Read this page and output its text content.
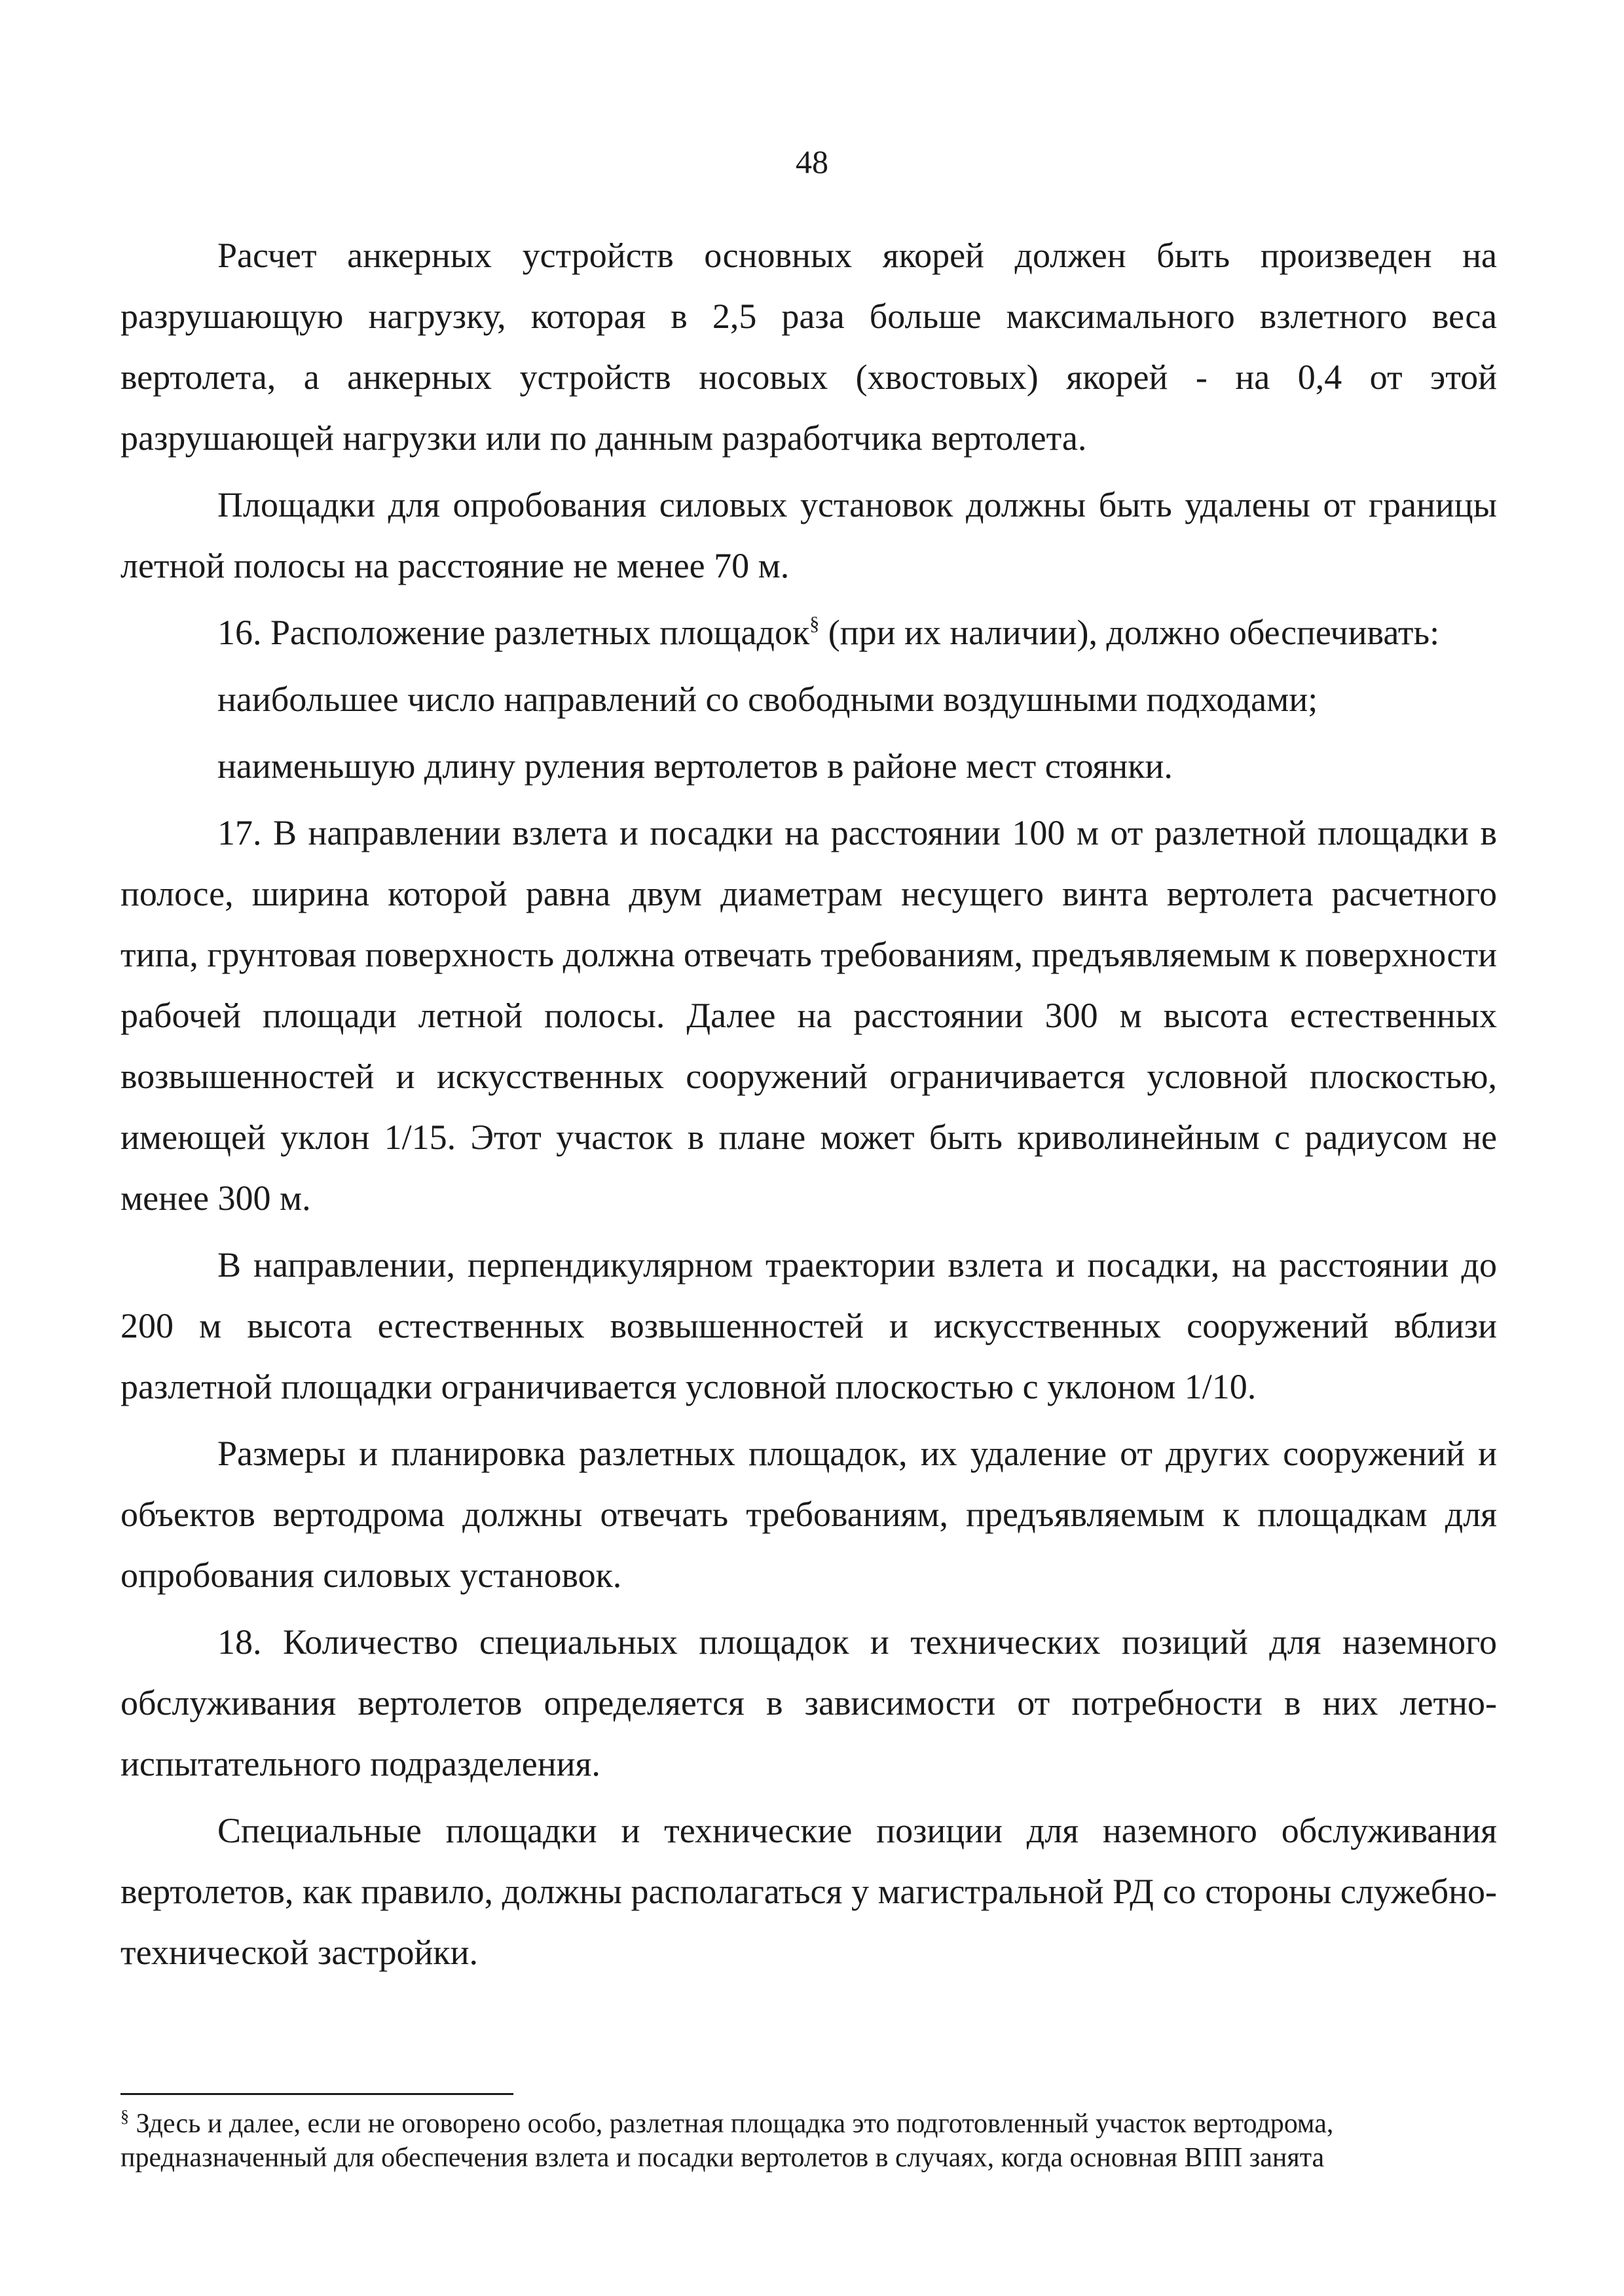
48

Расчет анкерных устройств основных якорей должен быть произведен на разрушающую нагрузку, которая в 2,5 раза больше максимального взлетного веса вертолета, а анкерных устройств носовых (хвостовых) якорей - на 0,4 от этой разрушающей нагрузки или по данным разработчика вертолета.

Площадки для опробования силовых установок должны быть удалены от границы летной полосы на расстояние не менее 70 м.

16. Расположение разлетных площадок§ (при их наличии), должно обеспечивать:

наибольшее число направлений со свободными воздушными подходами;

наименьшую длину руления вертолетов в районе мест стоянки.

17. В направлении взлета и посадки на расстоянии 100 м от разлетной площадки в полосе, ширина которой равна двум диаметрам несущего винта вертолета расчетного типа, грунтовая поверхность должна отвечать требованиям, предъявляемым к поверхности рабочей площади летной полосы. Далее на расстоянии 300 м высота естественных возвышенностей и искусственных сооружений ограничивается условной плоскостью, имеющей уклон 1/15. Этот участок в плане может быть криволинейным с радиусом не менее 300 м.

В направлении, перпендикулярном траектории взлета и посадки, на расстоянии до 200 м высота естественных возвышенностей и искусственных сооружений вблизи разлетной площадки ограничивается условной плоскостью с уклоном 1/10.

Размеры и планировка разлетных площадок, их удаление от других сооружений и объектов вертодрома должны отвечать требованиям, предъявляемым к площадкам для опробования силовых установок.

18. Количество специальных площадок и технических позиций для наземного обслуживания вертолетов определяется в зависимости от потребности в них летно-испытательного подразделения.

Специальные площадки и технические позиции для наземного обслуживания вертолетов, как правило, должны располагаться у магистральной РД со стороны служебно-технической застройки.

§ Здесь и далее, если не оговорено особо, разлетная площадка это подготовленный участок вертодрома, предназначенный для обеспечения взлета и посадки вертолетов в случаях, когда основная ВПП занята
